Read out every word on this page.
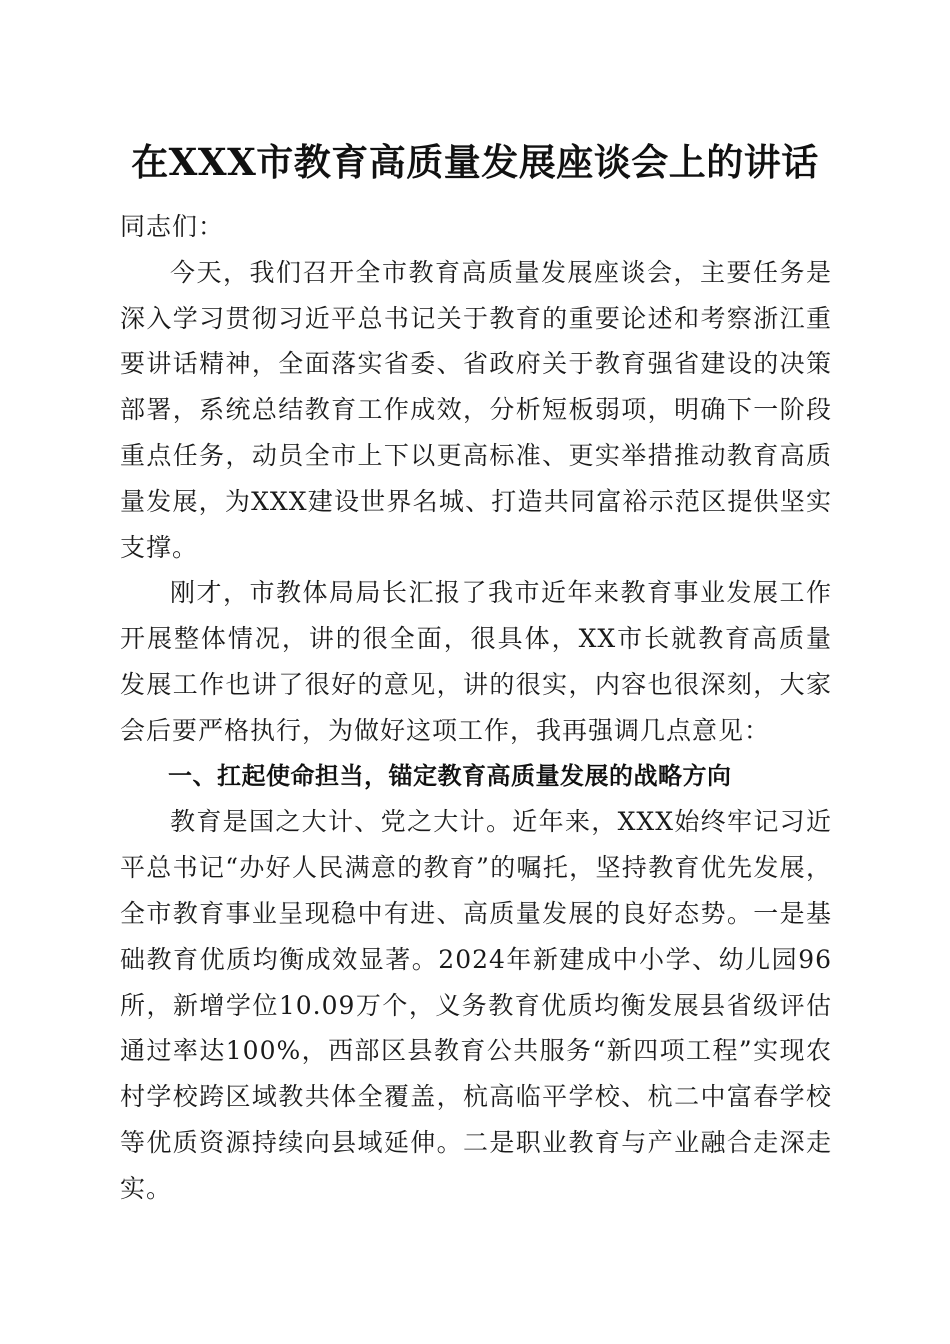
在XXX市教育高质量发展座谈会上的讲话

同志们：

今天，我们召开全市教育高质量发展座谈会，主要任务是深入学习贯彻习近平总书记关于教育的重要论述和考察浙江重要讲话精神，全面落实省委、省政府关于教育强省建设的决策部署，系统总结教育工作成效，分析短板弱项，明确下一阶段重点任务，动员全市上下以更高标准、更实举措推动教育高质量发展，为XXX建设世界名城、打造共同富裕示范区提供坚实支撑。

刚才，市教体局局长汇报了我市近年来教育事业发展工作开展整体情况，讲的很全面，很具体，XX市长就教育高质量发展工作也讲了很好的意见，讲的很实，内容也很深刻，大家会后要严格执行，为做好这项工作，我再强调几点意见：

一、扛起使命担当，锚定教育高质量发展的战略方向

教育是国之大计、党之大计。近年来，XXX始终牢记习近平总书记“办好人民满意的教育”的嘱托，坚持教育优先发展，全市教育事业呈现稳中有进、高质量发展的良好态势。一是基础教育优质均衡成效显著。2024年新建成中小学、幼儿园96所，新增学位10.09万个，义务教育优质均衡发展县省级评估通过率达100%，西部区县教育公共服务“新四项工程”实现农村学校跨区域教共体全覆盖，杭高临平学校、杭二中富春学校等优质资源持续向县域延伸。二是职业教育与产业融合走深走实。
